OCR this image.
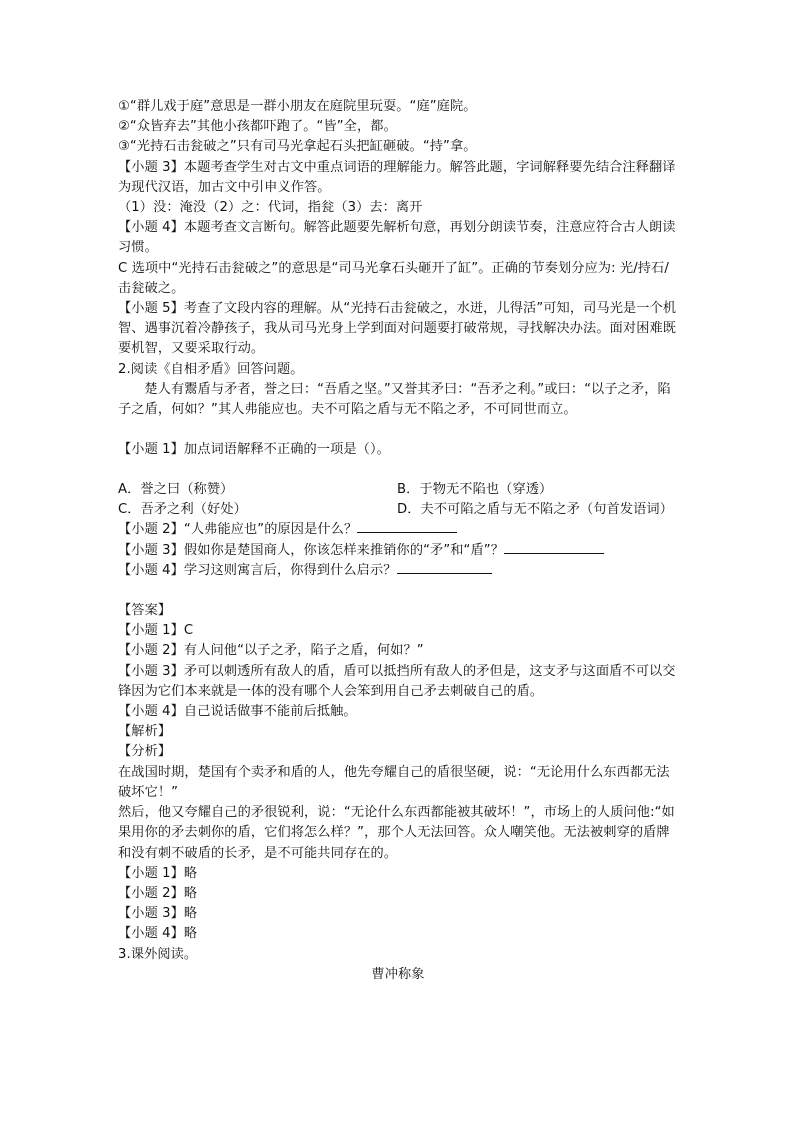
①“群儿戏于庭”意思是一群小朋友在庭院里玩耍。“庭”庭院。

②“众皆弃去”其他小孩都吓跑了。“皆”全，都。

③“光持石击瓮破之”只有司马光拿起石头把缸砸破。“持”拿。

【小题 3】本题考查学生对古文中重点词语的理解能力。解答此题，字词解释要先结合注释翻译为现代汉语，加古文中引申义作答。

（1）没：淹没（2）之：代词，指瓮（3）去：离开

【小题 4】本题考查文言断句。解答此题要先解析句意，再划分朗读节奏，注意应符合古人朗读习惯。

C 选项中“光持石击瓮破之”的意思是“司马光拿石头砸开了缸”。正确的节奏划分应为: 光/持石/击瓮破之。

【小题 5】考查了文段内容的理解。从“光持石击瓮破之，水迸，儿得活”可知，司马光是一个机智、遇事沉着冷静孩子，我从司马光身上学到面对问题要打破常规，寻找解决办法。面对困难既要机智，又要采取行动。

2.阅读《自相矛盾》回答问题。

楚人有鬻盾与矛者，誉之曰：“吾盾之坚。”又誉其矛曰：“吾矛之利。”或曰：“以子之矛，陷子之盾，何如？”其人弗能应也。夫不可陷之盾与无不陷之矛，不可同世而立。

【小题 1】加点词语解释不正确的一项是（）。

A．誉之曰（称赞）	B．于物无不陷也（穿透）
C．吾矛之利（好处）	D．夫不可陷之盾与无不陷之矛（句首发语词）

【小题 2】“人弗能应也”的原因是什么？

【小题 3】假如你是楚国商人，你该怎样来推销你的“矛”和“盾”？

【小题 4】学习这则寓言后，你得到什么启示？

【答案】

【小题 1】C

【小题 2】有人问他“以子之矛，陷子之盾，何如？”

【小题 3】矛可以刺透所有敌人的盾，盾可以抵挡所有敌人的矛但是，这支矛与这面盾不可以交锋因为它们本来就是一体的没有哪个人会笨到用自己矛去刺破自己的盾。

【小题 4】自己说话做事不能前后抵触。

【解析】

【分析】

在战国时期，楚国有个卖矛和盾的人，他先夸耀自己的盾很坚硬，说：“无论用什么东西都无法破坏它！”

然后，他又夸耀自己的矛很锐利，说：“无论什么东西都能被其破坏！”，市场上的人质问他:“如果用你的矛去刺你的盾，它们将怎么样？”，那个人无法回答。众人嘲笑他。无法被刺穿的盾牌和没有刺不破盾的长矛，是不可能共同存在的。

【小题 1】略

【小题 2】略

【小题 3】略

【小题 4】略

3.课外阅读。

曹冲称象
